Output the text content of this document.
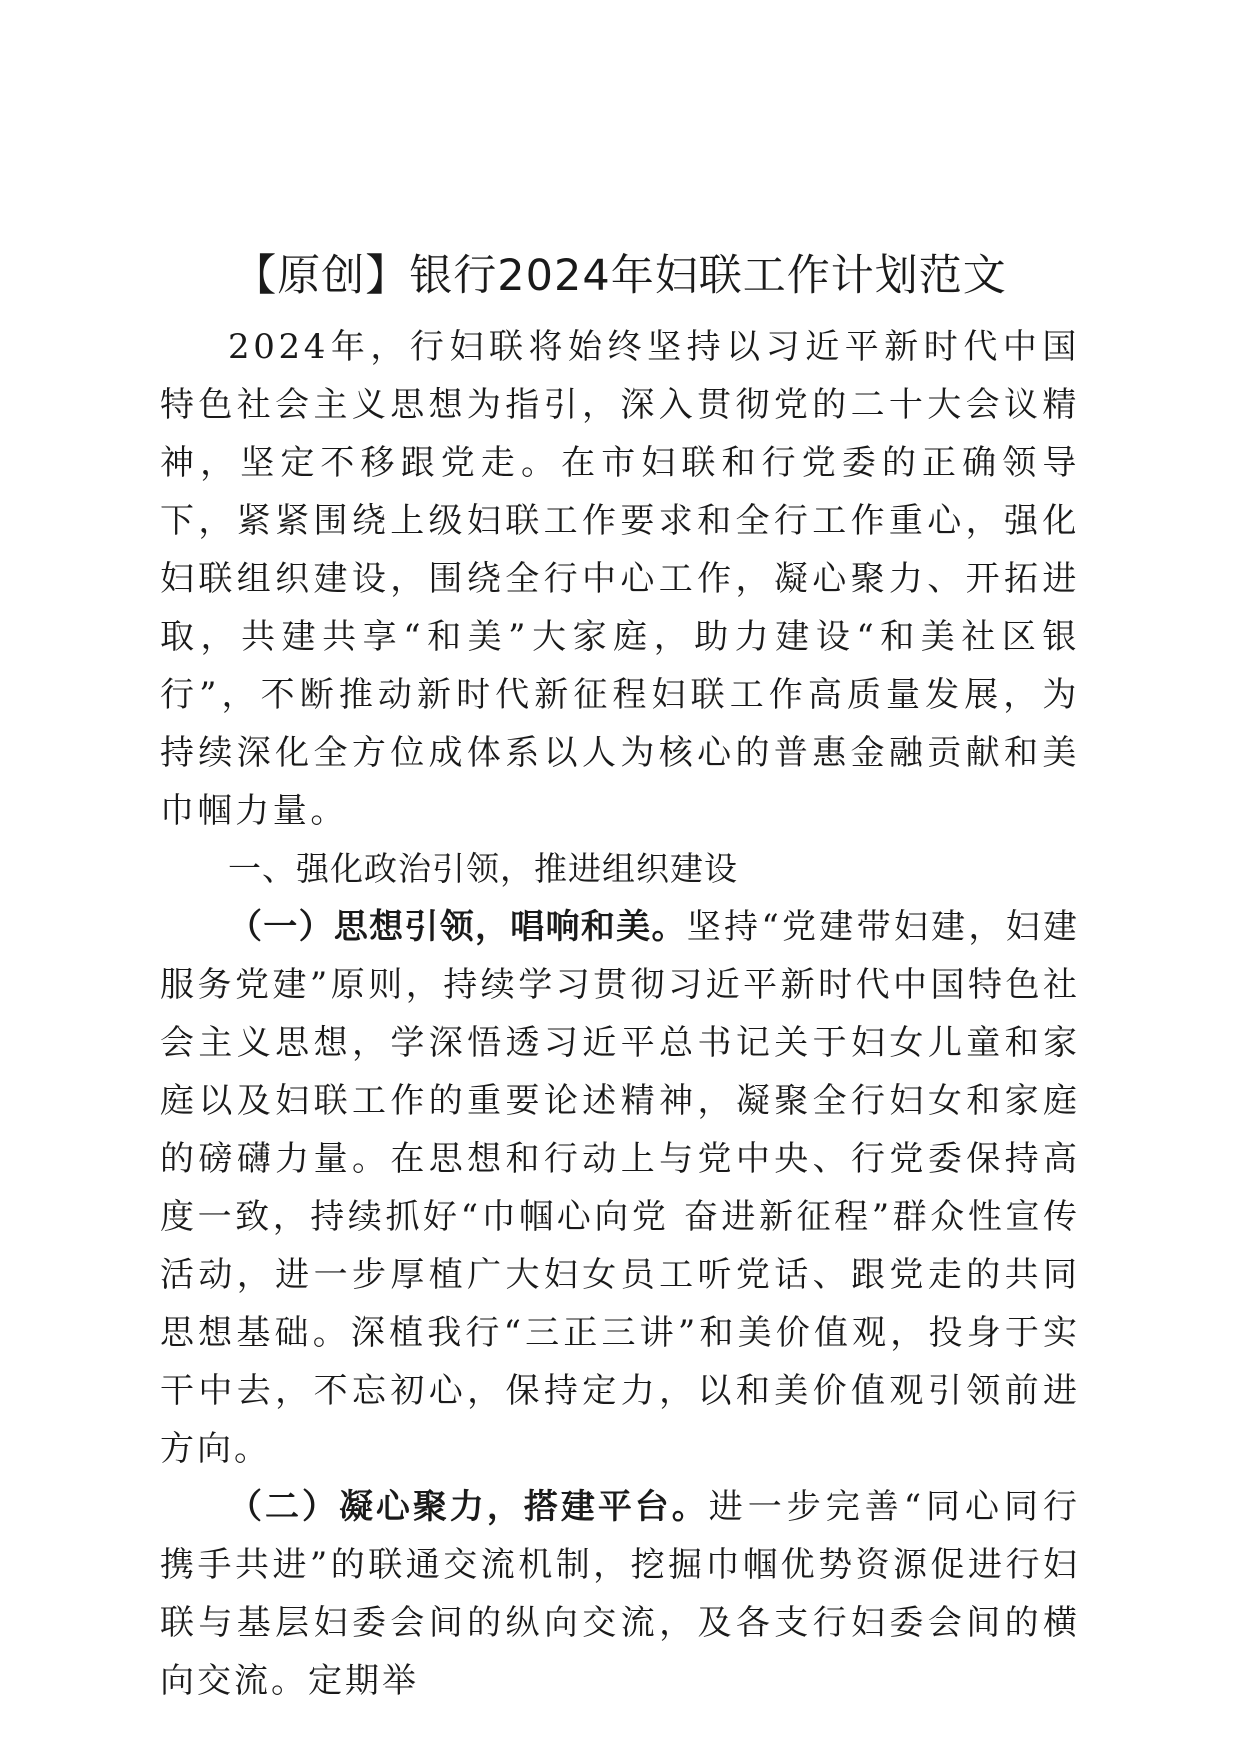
【原创】银行2024年妇联工作计划范文

2024年，行妇联将始终坚持以习近平新时代中国特色社会主义思想为指引，深入贯彻党的二十大会议精神，坚定不移跟党走。在市妇联和行党委的正确领导下，紧紧围绕上级妇联工作要求和全行工作重心，强化妇联组织建设，围绕全行中心工作，凝心聚力、开拓进取，共建共享“和美”大家庭，助力建设“和美社区银行”，不断推动新时代新征程妇联工作高质量发展，为持续深化全方位成体系以人为核心的普惠金融贡献和美巾帼力量。

一、强化政治引领，推进组织建设

（一）思想引领，唱响和美。坚持“党建带妇建，妇建服务党建”原则，持续学习贯彻习近平新时代中国特色社会主义思想，学深悟透习近平总书记关于妇女儿童和家庭以及妇联工作的重要论述精神，凝聚全行妇女和家庭的磅礴力量。在思想和行动上与党中央、行党委保持高度一致，持续抓好“巾帼心向党 奋进新征程”群众性宣传活动，进一步厚植广大妇女员工听党话、跟党走的共同思想基础。深植我行“三正三讲”和美价值观，投身于实干中去，不忘初心，保持定力，以和美价值观引领前进方向。

（二）凝心聚力，搭建平台。进一步完善“同心同行 携手共进”的联通交流机制，挖掘巾帼优势资源促进行妇联与基层妇委会间的纵向交流，及各支行妇委会间的横向交流。定期举
